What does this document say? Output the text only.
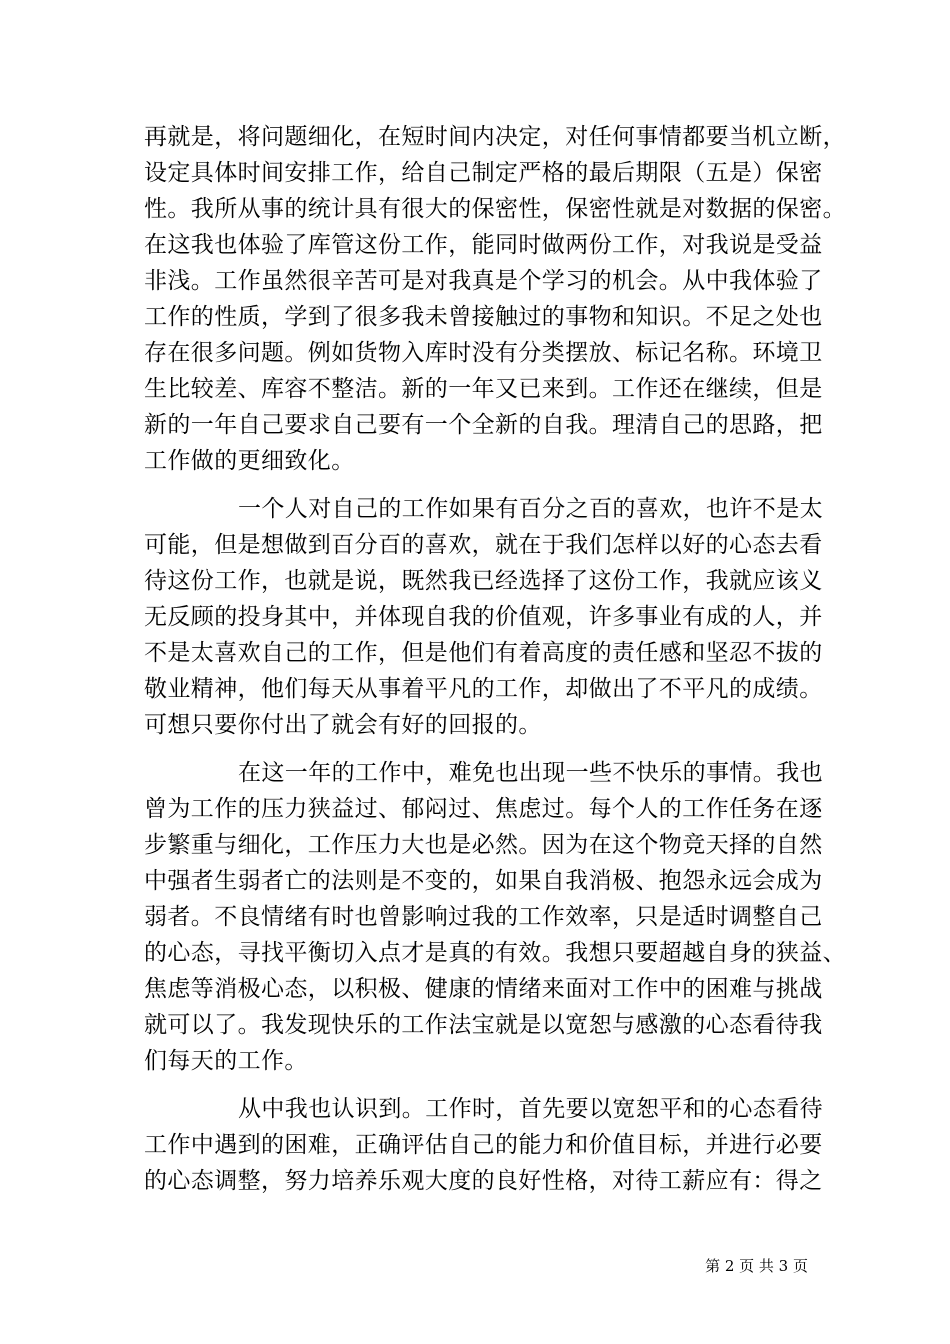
再就是，将问题细化，在短时间内决定，对任何事情都要当机立断，
设定具体时间安排工作，给自己制定严格的最后期限（五是）保密
性。我所从事的统计具有很大的保密性，保密性就是对数据的保密。
在这我也体验了库管这份工作，能同时做两份工作，对我说是受益
非浅。工作虽然很辛苦可是对我真是个学习的机会。从中我体验了
工作的性质，学到了很多我未曾接触过的事物和知识。不足之处也
存在很多问题。例如货物入库时没有分类摆放、标记名称。环境卫
生比较差、库容不整洁。新的一年又已来到。工作还在继续，但是
新的一年自己要求自己要有一个全新的自我。理清自己的思路，把
工作做的更细致化。
一个人对自己的工作如果有百分之百的喜欢，也许不是太
可能，但是想做到百分百的喜欢，就在于我们怎样以好的心态去看
待这份工作，也就是说，既然我已经选择了这份工作，我就应该义
无反顾的投身其中，并体现自我的价值观，许多事业有成的人，并
不是太喜欢自己的工作，但是他们有着高度的责任感和坚忍不拔的
敬业精神，他们每天从事着平凡的工作，却做出了不平凡的成绩。
可想只要你付出了就会有好的回报的。
在这一年的工作中，难免也出现一些不快乐的事情。我也
曾为工作的压力狭益过、郁闷过、焦虑过。每个人的工作任务在逐
步繁重与细化，工作压力大也是必然。因为在这个物竞天择的自然
中强者生弱者亡的法则是不变的，如果自我消极、抱怨永远会成为
弱者。不良情绪有时也曾影响过我的工作效率，只是适时调整自己
的心态，寻找平衡切入点才是真的有效。我想只要超越自身的狭益、
焦虑等消极心态，以积极、健康的情绪来面对工作中的困难与挑战
就可以了。我发现快乐的工作法宝就是以宽恕与感激的心态看待我
们每天的工作。
从中我也认识到。工作时，首先要以宽恕平和的心态看待
工作中遇到的困难，正确评估自己的能力和价值目标，并进行必要
的心态调整，努力培养乐观大度的良好性格，对待工薪应有：得之
第 2 页 共 3 页
